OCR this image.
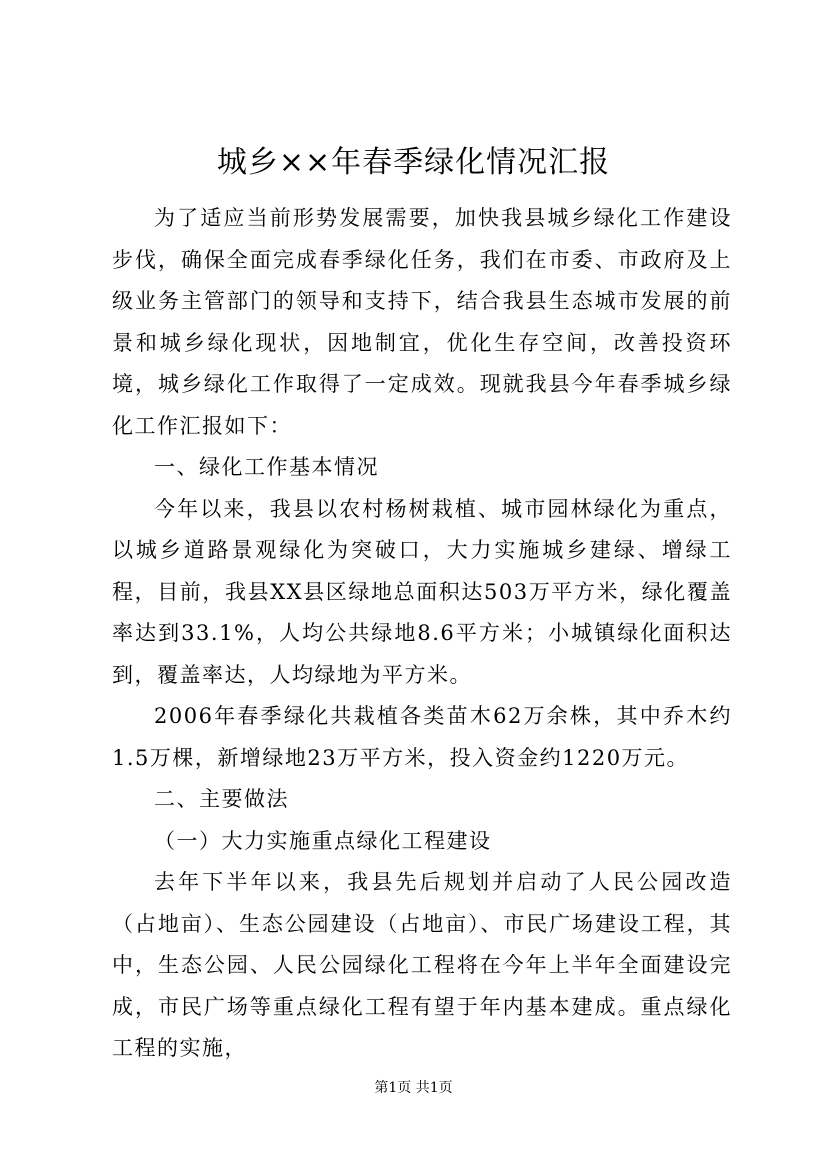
城乡××年春季绿化情况汇报

为了适应当前形势发展需要，加快我县城乡绿化工作建设步伐，确保全面完成春季绿化任务，我们在市委、市政府及上级业务主管部门的领导和支持下，结合我县生态城市发展的前景和城乡绿化现状，因地制宜，优化生存空间，改善投资环境，城乡绿化工作取得了一定成效。现就我县今年春季城乡绿化工作汇报如下：

一、绿化工作基本情况

今年以来，我县以农村杨树栽植、城市园林绿化为重点，以城乡道路景观绿化为突破口，大力实施城乡建绿、增绿工程，目前，我县XX县区绿地总面积达503万平方米，绿化覆盖率达到33.1%，人均公共绿地8.6平方米；小城镇绿化面积达到，覆盖率达，人均绿地为平方米。

2006年春季绿化共栽植各类苗木62万余株，其中乔木约1.5万棵，新增绿地23万平方米，投入资金约1220万元。

二、主要做法

（一）大力实施重点绿化工程建设

去年下半年以来，我县先后规划并启动了人民公园改造（占地亩）、生态公园建设（占地亩）、市民广场建设工程，其中，生态公园、人民公园绿化工程将在今年上半年全面建设完成，市民广场等重点绿化工程有望于年内基本建成。重点绿化工程的实施，

第1页 共1页
